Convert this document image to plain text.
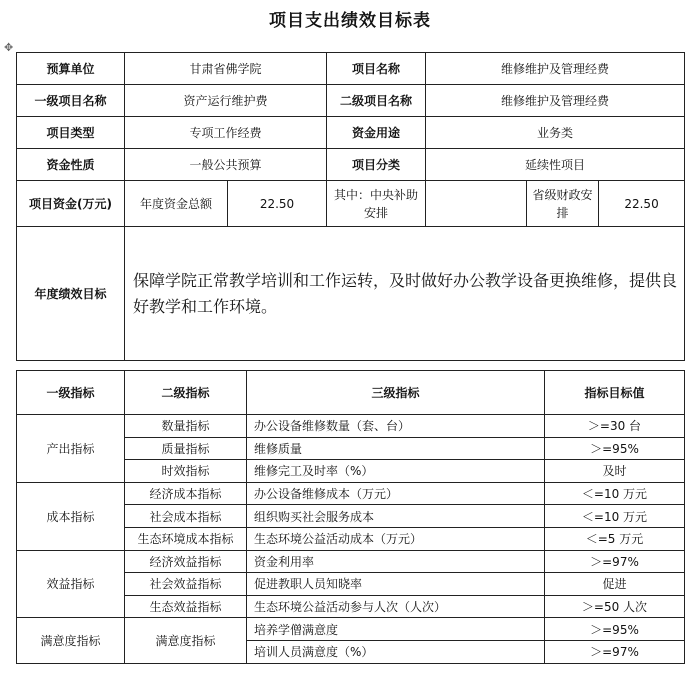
项目支出绩效目标表
✥
预算单位	甘肃省佛学院		项目名称	维修维护及管理经费		
一级项目名称	资产运行维护费		二级项目名称	维修维护及管理经费		
项目类型	专项工作经费		资金用途	业务类		
资金性质	一般公共预算		项目分类	延续性项目		
项目资金(万元)	年度资金总额	22.50	其中：中央补助安排		省级财政安排	22.50
年度绩效目标	保障学院正常教学培训和工作运转，及时做好办公教学设备更换维修，提供良好教学和工作环境。					
一级指标	二级指标	三级指标	指标目标值
产出指标	数量指标	办公设备维修数量（套、台）	＞=30 台
	质量指标	维修质量	＞=95%
	时效指标	维修完工及时率（%）	及时
成本指标	经济成本指标	办公设备维修成本（万元）	＜=10 万元
	社会成本指标	组织购买社会服务成本	＜=10 万元
	生态环境成本指标	生态环境公益活动成本（万元）	＜=5 万元
效益指标	经济效益指标	资金利用率	＞=97%
	社会效益指标	促进教职人员知晓率	促进
	生态效益指标	生态环境公益活动参与人次（人次）	＞=50 人次
满意度指标	满意度指标	培养学僧满意度	＞=95%
		培训人员满意度（%）	＞=97%
